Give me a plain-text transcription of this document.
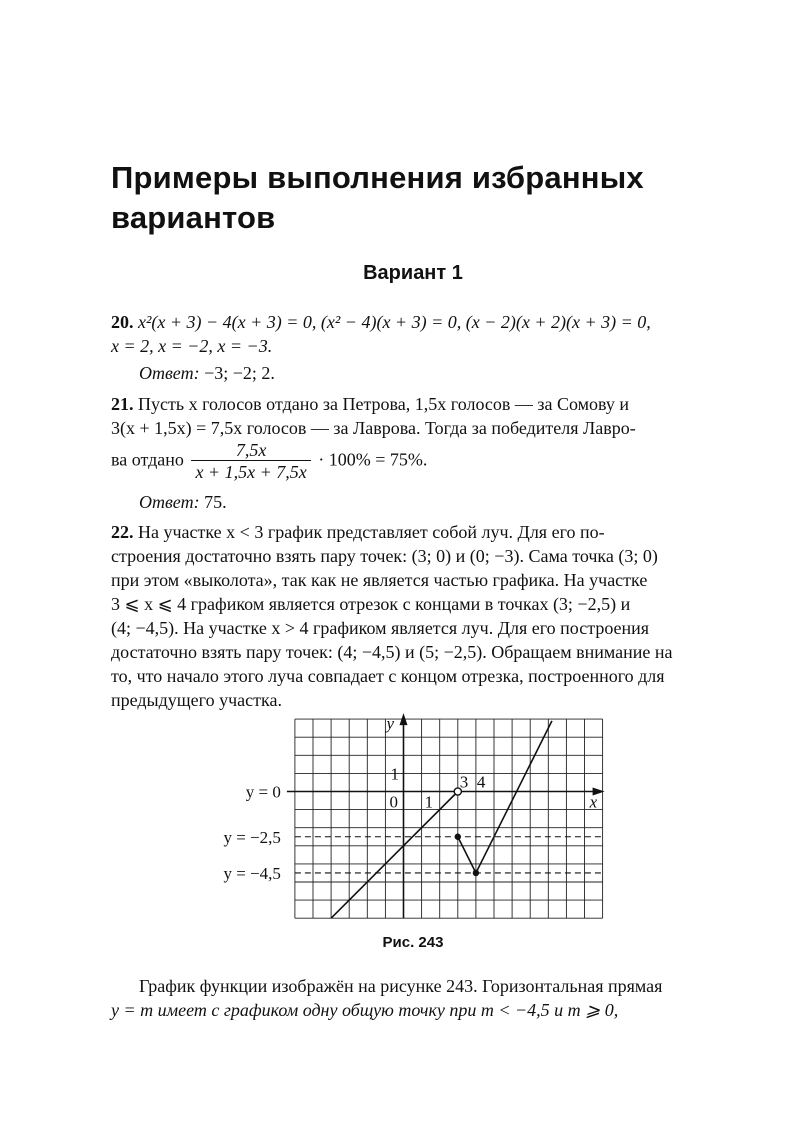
Примеры выполнения избранных вариантов
Вариант 1
20. x²(x + 3) − 4(x + 3) = 0, (x² − 4)(x + 3) = 0, (x − 2)(x + 2)(x + 3) = 0,
x = 2, x = −2, x = −3.
Ответ: −3; −2; 2.
21. Пусть x голосов отдано за Петрова, 1,5x голосов — за Сомову и
3(x + 1,5x) = 7,5x голосов — за Лаврова. Тогда за победителя Лавро-
ва отдано $\frac{7,5x}{x + 1,5x + 7,5x} \cdot 100\% = 75\%$.
Ответ: 75.
22. На участке x < 3 график представляет собой луч. Для его по-
строения достаточно взять пару точек: (3; 0) и (0; −3). Сама точка (3; 0)
при этом «выколота», так как не является частью графика. На участке
3 ⩽ x ⩽ 4 графиком является отрезок с концами в точках (3; −2,5) и
(4; −4,5). На участке x > 4 графиком является луч. Для его построения
достаточно взять пару точек: (4; −4,5) и (5; −2,5). Обращаем внимание на
то, что начало этого луча совпадает с концом отрезка, построенного для
предыдущего участка.
Рис. 243
График функции изображён на рисунке 243. Горизонтальная прямая
y = m имеет с графиком одну общую точку при m < −4,5 и m ⩾ 0,
x
y
0 1
1	3 4
y = 0
y = −2,5
y = −4,5
